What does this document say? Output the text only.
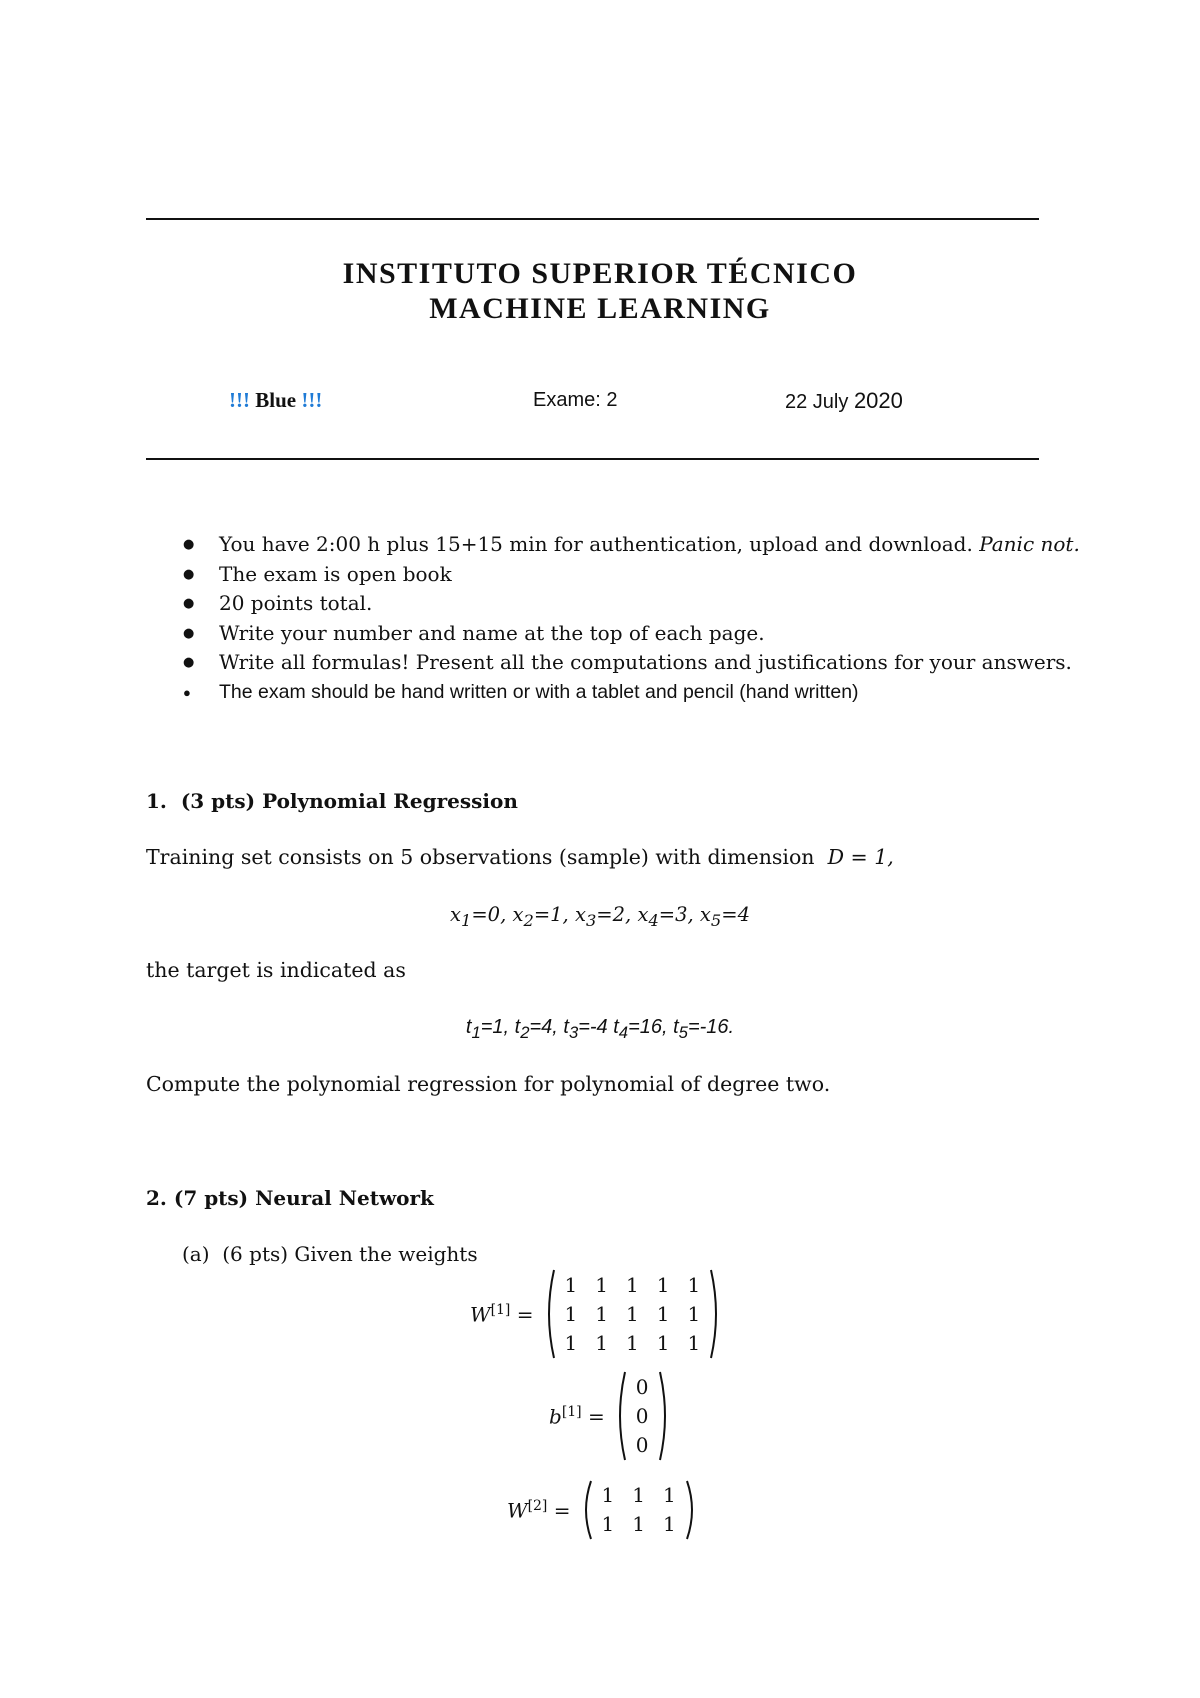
INSTITUTO SUPERIOR TÉCNICO
MACHINE LEARNING
!!! Blue !!!	Exame: 2	22 July 2020
● You have 2:00 h plus 15+15 min for authentication, upload and download. Panic not.
● The exam is open book
● 20 points total.
● Write your number and name at the top of each page.
● Write all formulas! Present all the computations and justifications for your answers.
● The exam should be hand written or with a tablet and pencil (hand written)
1. (3 pts) Polynomial Regression
Training set consists on 5 observations (sample) with dimension D = 1,
$x_1=0$, $x_2=1$, $x_3=2$, $x_4=3$, $x_5=4$
the target is indicated as
$t_1=1$, $t_2=4$, $t_3=-4$ $t_4=16$, $t_5=-16$.
Compute the polynomial regression for polynomial of degree two.
2. (7 pts) Neural Network
(a) (6 pts) Given the weights
W[1] =
1 1 1 1 1
1 1 1 1 1
1 1 1 1 1
b[1] =
0
0
0
W[2] =
1 1 1
1 1 1
